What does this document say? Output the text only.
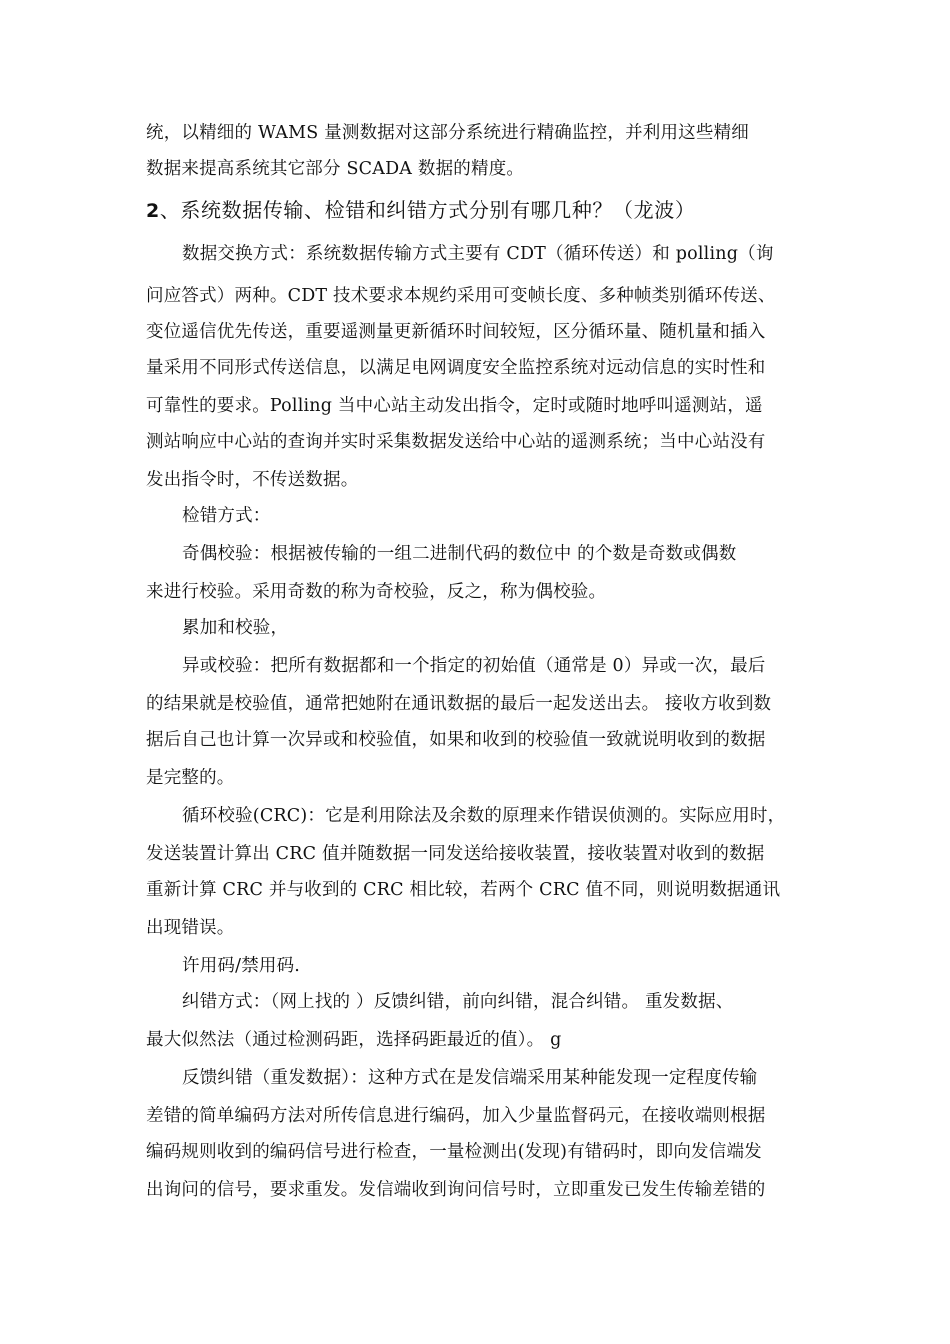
统，以精细的 WAMS 量测数据对这部分系统进行精确监控，并利用这些精细
数据来提高系统其它部分 SCADA 数据的精度。
2、系统数据传输、检错和纠错方式分别有哪几种？（龙波）
数据交换方式：系统数据传输方式主要有 CDT（循环传送）和 polling（询
问应答式）两种。CDT 技术要求本规约采用可变帧长度、多种帧类别循环传送、
变位遥信优先传送，重要遥测量更新循环时间较短，区分循环量、随机量和插入
量采用不同形式传送信息，以满足电网调度安全监控系统对远动信息的实时性和
可靠性的要求。Polling 当中心站主动发出指令，定时或随时地呼叫遥测站，遥
测站响应中心站的查询并实时采集数据发送给中心站的遥测系统；当中心站没有
发出指令时，不传送数据。
检错方式：
奇偶校验：根据被传输的一组二进制代码的数位中 的个数是奇数或偶数
来进行校验。采用奇数的称为奇校验，反之，称为偶校验。
累加和校验，
异或校验：把所有数据都和一个指定的初始值（通常是 0）异或一次，最后
的结果就是校验值，通常把她附在通讯数据的最后一起发送出去。 接收方收到数
据后自己也计算一次异或和校验值，如果和收到的校验值一致就说明收到的数据
是完整的。
循环校验(CRC)：它是利用除法及余数的原理来作错误侦测的。实际应用时，
发送装置计算出 CRC 值并随数据一同发送给接收装置，接收装置对收到的数据
重新计算 CRC 并与收到的 CRC 相比较，若两个 CRC 值不同，则说明数据通讯
出现错误。
许用码/禁用码.
纠错方式：（网上找的 ）反馈纠错，前向纠错，混合纠错。 重发数据、
最大似然法（通过检测码距，选择码距最近的值）。 g
反馈纠错（重发数据）：这种方式在是发信端采用某种能发现一定程度传输
差错的简单编码方法对所传信息进行编码，加入少量监督码元，在接收端则根据
编码规则收到的编码信号进行检查，一量检测出(发现)有错码时，即向发信端发
出询问的信号，要求重发。发信端收到询问信号时，立即重发已发生传输差错的
